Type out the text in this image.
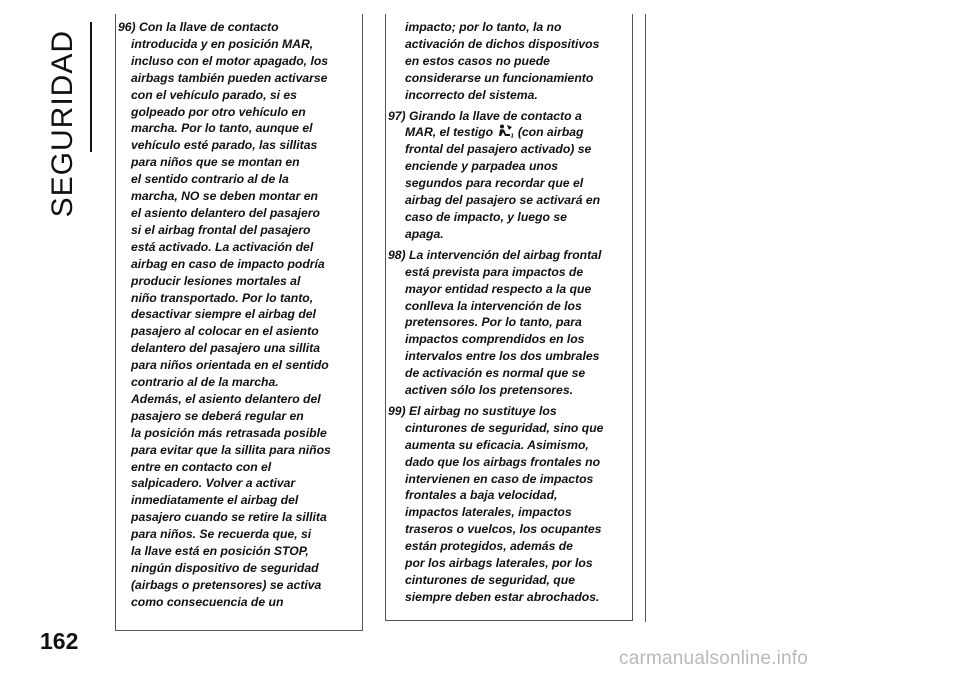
SEGURIDAD
96) Con la llave de contacto
introducida y en posición MAR,
incluso con el motor apagado, los
airbags también pueden activarse
con el vehículo parado, si es
golpeado por otro vehículo en
marcha. Por lo tanto, aunque el
vehículo esté parado, las sillitas
para niños que se montan en
el sentido contrario al de la
marcha, NO se deben montar en
el asiento delantero del pasajero
si el airbag frontal del pasajero
está activado. La activación del
airbag en caso de impacto podría
producir lesiones mortales al
niño transportado. Por lo tanto,
desactivar siempre el airbag del
pasajero al colocar en el asiento
delantero del pasajero una sillita
para niños orientada en el sentido
contrario al de la marcha.
Además, el asiento delantero del
pasajero se deberá regular en
la posición más retrasada posible
para evitar que la sillita para niños
entre en contacto con el
salpicadero. Volver a activar
inmediatamente el airbag del
pasajero cuando se retire la sillita
para niños. Se recuerda que, si
la llave está en posición STOP,
ningún dispositivo de seguridad
(airbags o pretensores) se activa
como consecuencia de un
impacto; por lo tanto, la no
activación de dichos dispositivos
en estos casos no puede
considerarse un funcionamiento
incorrecto del sistema.
97) Girando la llave de contacto a
MAR, el testigo	1 (con airbag
frontal del pasajero activado) se
enciende y parpadea unos
segundos para recordar que el
airbag del pasajero se activará en
caso de impacto, y luego se
apaga.
98) La intervención del airbag frontal
está prevista para impactos de
mayor entidad respecto a la que
conlleva la intervención de los
pretensores. Por lo tanto, para
impactos comprendidos en los
intervalos entre los dos umbrales
de activación es normal que se
activen sólo los pretensores.
99) El airbag no sustituye los
cinturones de seguridad, sino que
aumenta su eficacia. Asimismo,
dado que los airbags frontales no
intervienen en caso de impactos
frontales a baja velocidad,
impactos laterales, impactos
traseros o vuelcos, los ocupantes
están protegidos, además de
por los airbags laterales, por los
cinturones de seguridad, que
siempre deben estar abrochados.
162
carmanualsonline.info
